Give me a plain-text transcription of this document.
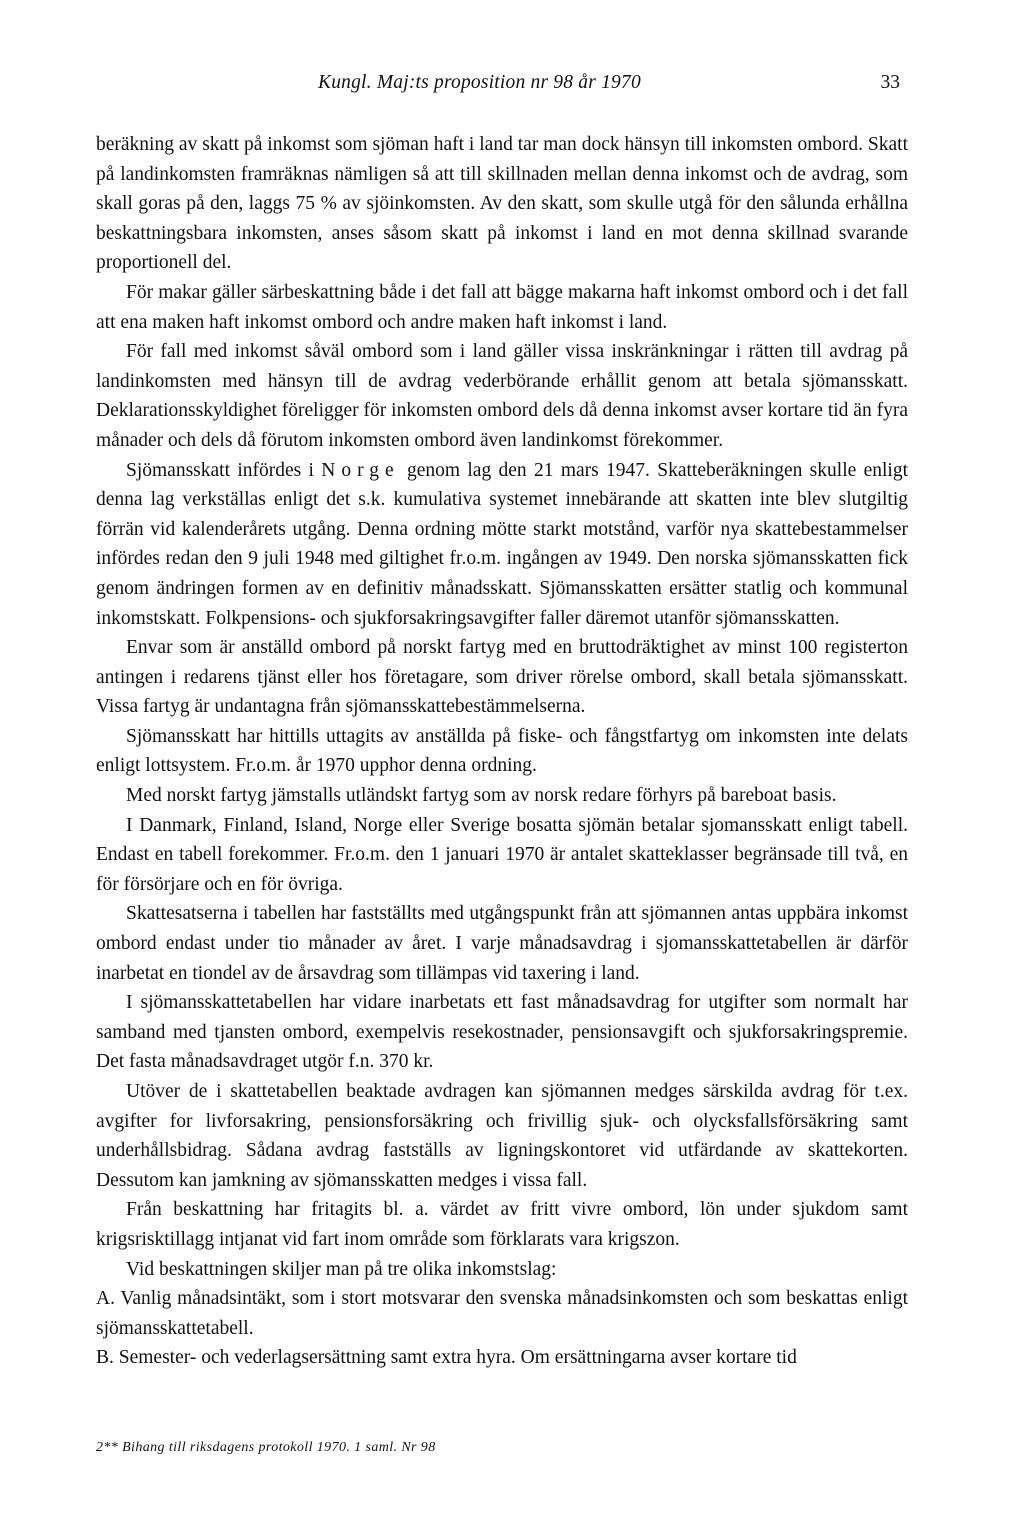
Kungl. Maj:ts proposition nr 98 år 1970	33

beräkning av skatt på inkomst som sjöman haft i land tar man dock hänsyn till inkomsten ombord. Skatt på landinkomsten framräknas nämligen så att till skillnaden mellan denna inkomst och de avdrag, som skall goras på den, laggs 75 % av sjöinkomsten. Av den skatt, som skulle utgå för den sålunda erhållna beskattningsbara inkomsten, anses såsom skatt på inkomst i land en mot denna skillnad svarande proportionell del.

För makar gäller särbeskattning både i det fall att bägge makarna haft inkomst ombord och i det fall att ena maken haft inkomst ombord och andre maken haft inkomst i land.

För fall med inkomst såväl ombord som i land gäller vissa inskränkningar i rätten till avdrag på landinkomsten med hänsyn till de avdrag vederbörande erhållit genom att betala sjömansskatt. Deklarationsskyldighet föreligger för inkomsten ombord dels då denna inkomst avser kortare tid än fyra månader och dels då förutom inkomsten ombord även landinkomst förekommer.

Sjömansskatt infördes i Norge genom lag den 21 mars 1947. Skatteberäkningen skulle enligt denna lag verkställas enligt det s.k. kumulativa systemet innebärande att skatten inte blev slutgiltig förrän vid kalenderårets utgång. Denna ordning mötte starkt motstånd, varför nya skattebestammelser infördes redan den 9 juli 1948 med giltighet fr.o.m. ingången av 1949. Den norska sjömansskatten fick genom ändringen formen av en definitiv månadsskatt. Sjömansskatten ersätter statlig och kommunal inkomstskatt. Folkpensions- och sjukforsakringsavgifter faller däremot utanför sjömansskatten.

Envar som är anställd ombord på norskt fartyg med en bruttodräktighet av minst 100 registerton antingen i redarens tjänst eller hos företagare, som driver rörelse ombord, skall betala sjömansskatt. Vissa fartyg är undantagna från sjömansskattebestämmelserna.

Sjömansskatt har hittills uttagits av anställda på fiske- och fångstfartyg om inkomsten inte delats enligt lottsystem. Fr.o.m. år 1970 upphor denna ordning.

Med norskt fartyg jämstalls utländskt fartyg som av norsk redare förhyrs på bareboat basis.

I Danmark, Finland, Island, Norge eller Sverige bosatta sjömän betalar sjomansskatt enligt tabell. Endast en tabell forekommer. Fr.o.m. den 1 januari 1970 är antalet skatteklasser begränsade till två, en för försörjare och en för övriga.

Skattesatserna i tabellen har fastställts med utgångspunkt från att sjömannen antas uppbära inkomst ombord endast under tio månader av året. I varje månadsavdrag i sjomansskattetabellen är därför inarbetat en tiondel av de årsavdrag som tillämpas vid taxering i land.

I sjömansskattetabellen har vidare inarbetats ett fast månadsavdrag for utgifter som normalt har samband med tjansten ombord, exempelvis resekostnader, pensionsavgift och sjukforsakringspremie. Det fasta månadsavdraget utgör f.n. 370 kr.

Utöver de i skattetabellen beaktade avdragen kan sjömannen medges särskilda avdrag för t.ex. avgifter for livforsakring, pensionsforsäkring och frivillig sjuk- och olycksfallsförsäkring samt underhållsbidrag. Sådana avdrag fastställs av ligningskontoret vid utfärdande av skattekorten. Dessutom kan jamkning av sjömansskatten medges i vissa fall.

Från beskattning har fritagits bl. a. värdet av fritt vivre ombord, lön under sjukdom samt krigsrisktillagg intjanat vid fart inom område som förklarats vara krigszon.

Vid beskattningen skiljer man på tre olika inkomstslag:

A. Vanlig månadsintäkt, som i stort motsvarar den svenska månadsinkomsten och som beskattas enligt sjömansskattetabell.

B. Semester- och vederlagsersättning samt extra hyra. Om ersättningarna avser kortare tid

2** Bihang till riksdagens protokoll 1970. 1 saml. Nr 98
